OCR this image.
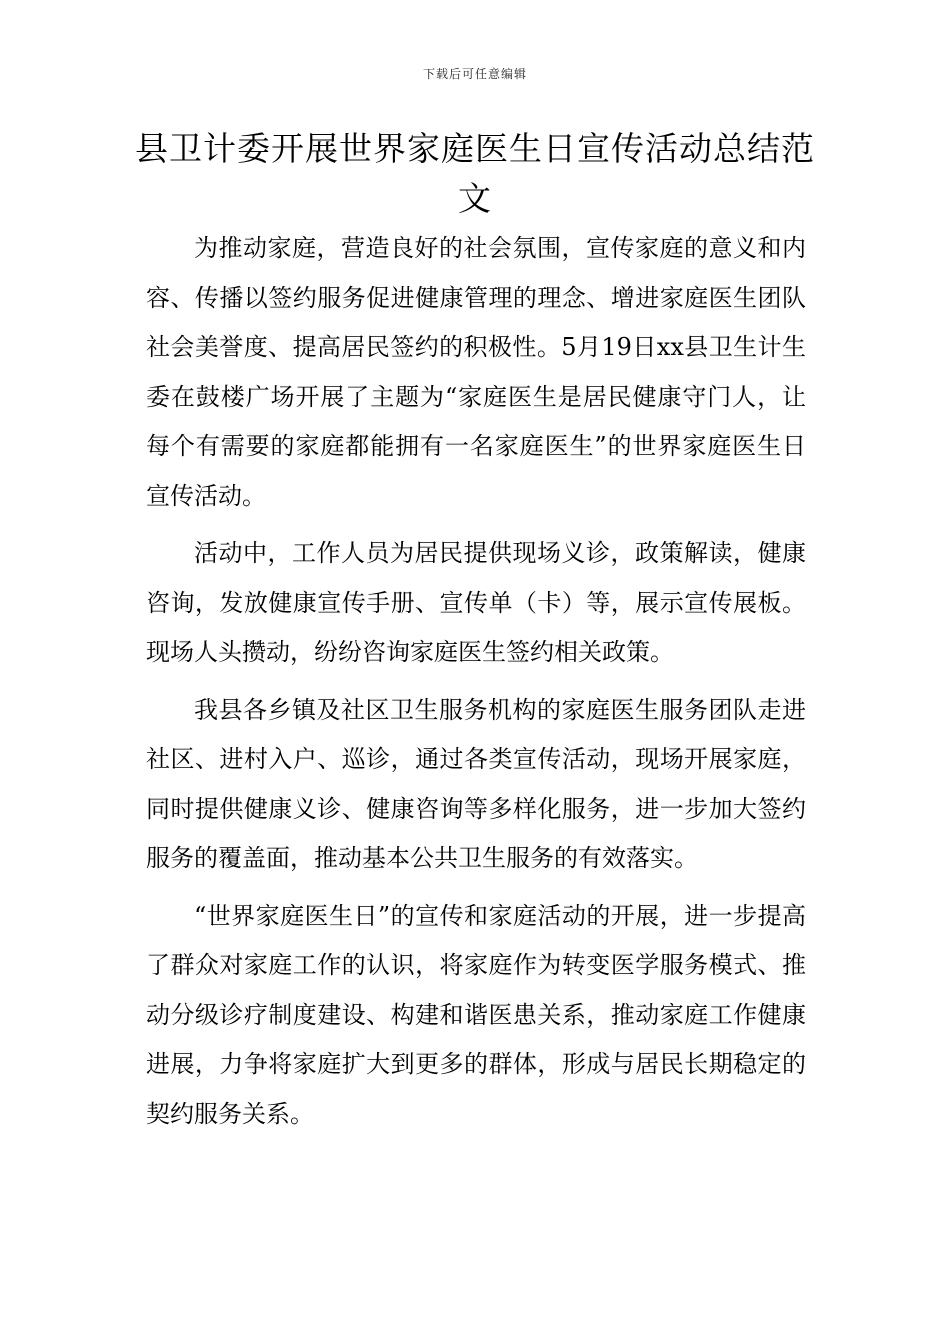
下载后可任意编辑
县卫计委开展世界家庭医生日宣传活动总结范文

为推动家庭，营造良好的社会氛围，宣传家庭的意义和内容、传播以签约服务促进健康管理的理念、增进家庭医生团队社会美誉度、提高居民签约的积极性。5月19日xx县卫生计生委在鼓楼广场开展了主题为“家庭医生是居民健康守门人，让每个有需要的家庭都能拥有一名家庭医生”的世界家庭医生日宣传活动。

活动中，工作人员为居民提供现场义诊，政策解读，健康咨询，发放健康宣传手册、宣传单（卡）等，展示宣传展板。现场人头攒动，纷纷咨询家庭医生签约相关政策。

我县各乡镇及社区卫生服务机构的家庭医生服务团队走进社区、进村入户、巡诊，通过各类宣传活动，现场开展家庭，同时提供健康义诊、健康咨询等多样化服务，进一步加大签约服务的覆盖面，推动基本公共卫生服务的有效落实。

“世界家庭医生日”的宣传和家庭活动的开展，进一步提高了群众对家庭工作的认识，将家庭作为转变医学服务模式、推动分级诊疗制度建设、构建和谐医患关系，推动家庭工作健康进展，力争将家庭扩大到更多的群体，形成与居民长期稳定的契约服务关系。
